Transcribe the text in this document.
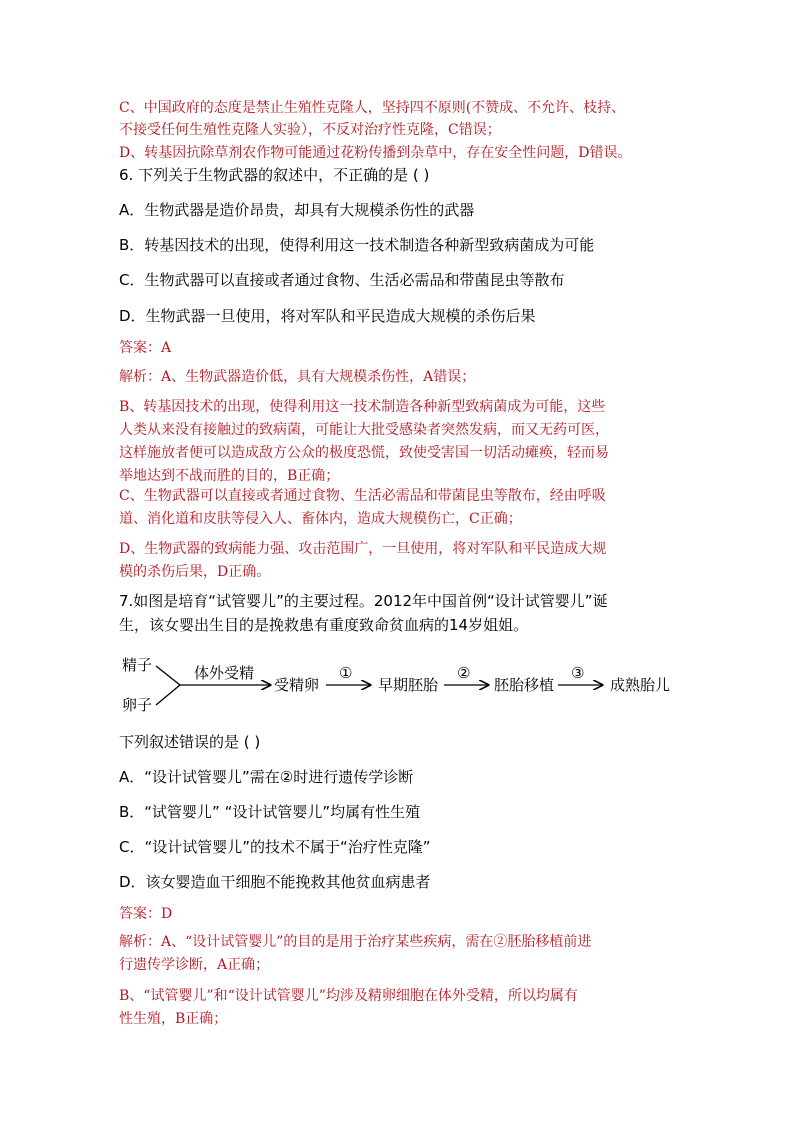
C、中国政府的态度是禁止生殖性克隆人，坚持四不原则(不赞成、不允许、枝持、
不接受任何生殖性克隆人实验），不反对治疗性克隆，C错误；
D、转基因抗除草剂农作物可能通过花粉传播到杂草中，存在安全性问题，D错误。
6. 下列关于生物武器的叙述中，不正确的是 ( )
A．生物武器是造价昂贵，却具有大规模杀伤性的武器
B．转基因技术的出现，使得利用这一技术制造各种新型致病菌成为可能
C．生物武器可以直接或者通过食物、生活必需品和带菌昆虫等散布
D．生物武器一旦使用，将对军队和平民造成大规模的杀伤后果
答案：A
解析：A、生物武器造价低，具有大规模杀伤性，A错误；
B、转基因技术的出现，使得利用这一技术制造各种新型致病菌成为可能，这些
人类从来没有接触过的致病菌，可能让大批受感染者突然发病，而又无药可医，
这样施放者便可以造成敌方公众的极度恐慌，致使受害国一切活动瘫痪，轻而易
举地达到不战而胜的目的，B正确；
C、生物武器可以直接或者通过食物、生活必需品和带菌昆虫等散布，经由呼吸
道、消化道和皮肤等侵入人、畜体内，造成大规模伤亡，C正确；
D、生物武器的致病能力强、攻击范围广，一旦使用，将对军队和平民造成大规
模的杀伤后果，D正确。
7.如图是培育“试管婴儿”的主要过程。2012年中国首例“设计试管婴儿”诞
生，该女婴出生目的是挽救患有重度致命贫血病的14岁姐姐。
精子
卵子
体外受精
受精卵
①
早期胚胎
②
胚胎移植
③
成熟胎儿
下列叙述错误的是 ( )
A．“设计试管婴儿”需在②时进行遗传学诊断
B．“试管婴儿” “设计试管婴儿”均属有性生殖
C．“设计试管婴儿”的技术不属于“治疗性克隆”
D．该女婴造血干细胞不能挽救其他贫血病患者
答案：D
解析：A、“设计试管婴儿”的目的是用于治疗某些疾病，需在②胚胎移植前进
行遗传学诊断，A正确；
B、“试管婴儿”和“设计试管婴儿”均涉及精卵细胞在体外受精，所以均属有
性生殖，B正确；
